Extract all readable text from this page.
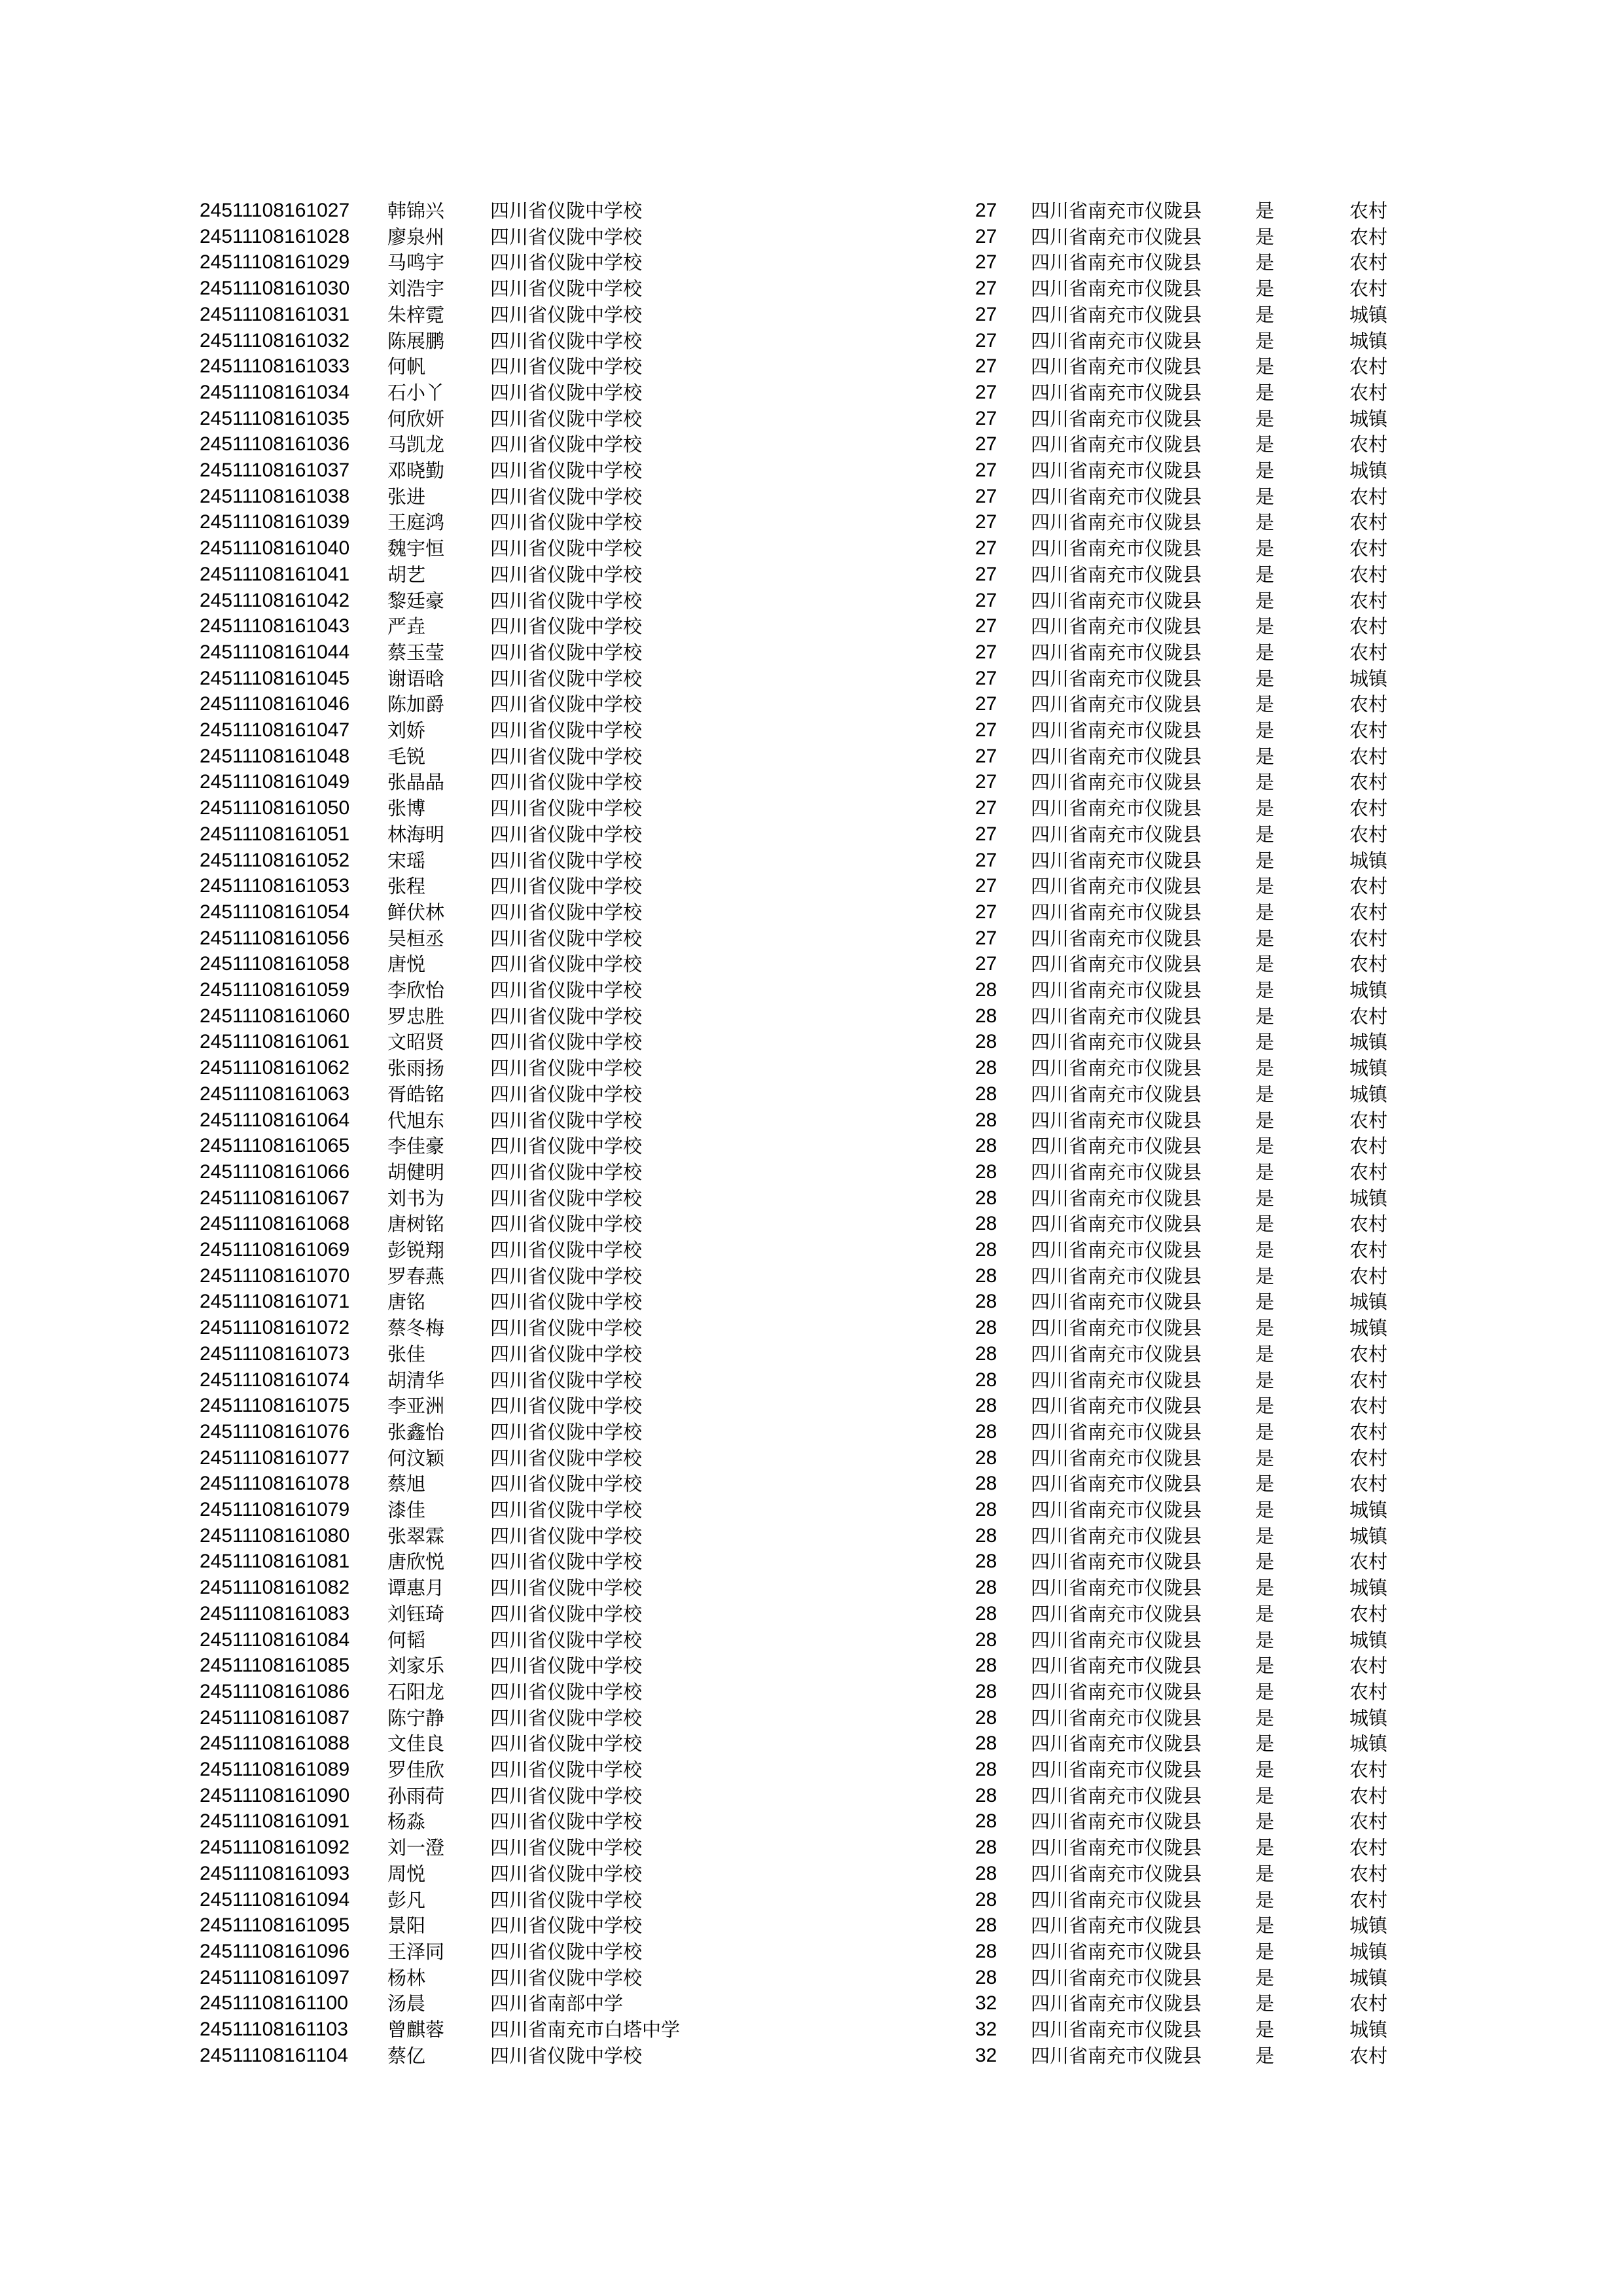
24511108161027 韩锦兴 四川省仪陇中学校	27 四川省南充市仪陇县	是	农村
24511108161028 廖泉州 四川省仪陇中学校	27 四川省南充市仪陇县	是	农村
24511108161029 马鸣宇 四川省仪陇中学校	27 四川省南充市仪陇县	是	农村
24511108161030 刘浩宇 四川省仪陇中学校	27 四川省南充市仪陇县	是	农村
24511108161031 朱梓霓 四川省仪陇中学校	27 四川省南充市仪陇县	是	城镇
24511108161032 陈展鹏 四川省仪陇中学校	27 四川省南充市仪陇县	是	城镇
24511108161033 何帆	四川省仪陇中学校	27 四川省南充市仪陇县	是	农村
24511108161034 石小丫 四川省仪陇中学校	27 四川省南充市仪陇县	是	农村
24511108161035 何欣妍 四川省仪陇中学校	27 四川省南充市仪陇县	是	城镇
24511108161036 马凯龙 四川省仪陇中学校	27 四川省南充市仪陇县	是	农村
24511108161037 邓晓勤 四川省仪陇中学校	27 四川省南充市仪陇县	是	城镇
24511108161038 张进	四川省仪陇中学校	27 四川省南充市仪陇县	是	农村
24511108161039 王庭鸿 四川省仪陇中学校	27 四川省南充市仪陇县	是	农村
24511108161040 魏宇恒 四川省仪陇中学校	27 四川省南充市仪陇县	是	农村
24511108161041 胡艺	四川省仪陇中学校	27 四川省南充市仪陇县	是	农村
24511108161042 黎廷豪 四川省仪陇中学校	27 四川省南充市仪陇县	是	农村
24511108161043 严垚	四川省仪陇中学校	27 四川省南充市仪陇县	是	农村
24511108161044 蔡玉莹 四川省仪陇中学校	27 四川省南充市仪陇县	是	农村
24511108161045 谢语晗 四川省仪陇中学校	27 四川省南充市仪陇县	是	城镇
24511108161046 陈加爵 四川省仪陇中学校	27 四川省南充市仪陇县	是	农村
24511108161047 刘娇	四川省仪陇中学校	27 四川省南充市仪陇县	是	农村
24511108161048 毛锐	四川省仪陇中学校	27 四川省南充市仪陇县	是	农村
24511108161049 张晶晶 四川省仪陇中学校	27 四川省南充市仪陇县	是	农村
24511108161050 张博	四川省仪陇中学校	27 四川省南充市仪陇县	是	农村
24511108161051 林海明 四川省仪陇中学校	27 四川省南充市仪陇县	是	农村
24511108161052 宋瑶	四川省仪陇中学校	27 四川省南充市仪陇县	是	城镇
24511108161053 张程	四川省仪陇中学校	27 四川省南充市仪陇县	是	农村
24511108161054 鲜伏林 四川省仪陇中学校	27 四川省南充市仪陇县	是	农村
24511108161056 吴桓丞 四川省仪陇中学校	27 四川省南充市仪陇县	是	农村
24511108161058 唐悦	四川省仪陇中学校	27 四川省南充市仪陇县	是	农村
24511108161059 李欣怡 四川省仪陇中学校	28 四川省南充市仪陇县	是	城镇
24511108161060 罗忠胜 四川省仪陇中学校	28 四川省南充市仪陇县	是	农村
24511108161061 文昭贤 四川省仪陇中学校	28 四川省南充市仪陇县	是	城镇
24511108161062 张雨扬 四川省仪陇中学校	28 四川省南充市仪陇县	是	城镇
24511108161063 胥皓铭 四川省仪陇中学校	28 四川省南充市仪陇县	是	城镇
24511108161064 代旭东 四川省仪陇中学校	28 四川省南充市仪陇县	是	农村
24511108161065 李佳豪 四川省仪陇中学校	28 四川省南充市仪陇县	是	农村
24511108161066 胡健明 四川省仪陇中学校	28 四川省南充市仪陇县	是	农村
24511108161067 刘书为 四川省仪陇中学校	28 四川省南充市仪陇县	是	城镇
24511108161068 唐树铭 四川省仪陇中学校	28 四川省南充市仪陇县	是	农村
24511108161069 彭锐翔 四川省仪陇中学校	28 四川省南充市仪陇县	是	农村
24511108161070 罗春燕 四川省仪陇中学校	28 四川省南充市仪陇县	是	农村
24511108161071 唐铭	四川省仪陇中学校	28 四川省南充市仪陇县	是	城镇
24511108161072 蔡冬梅 四川省仪陇中学校	28 四川省南充市仪陇县	是	城镇
24511108161073 张佳	四川省仪陇中学校	28 四川省南充市仪陇县	是	农村
24511108161074 胡清华 四川省仪陇中学校	28 四川省南充市仪陇县	是	农村
24511108161075 李亚洲 四川省仪陇中学校	28 四川省南充市仪陇县	是	农村
24511108161076 张鑫怡 四川省仪陇中学校	28 四川省南充市仪陇县	是	农村
24511108161077 何汶颖 四川省仪陇中学校	28 四川省南充市仪陇县	是	农村
24511108161078 蔡旭	四川省仪陇中学校	28 四川省南充市仪陇县	是	农村
24511108161079 漆佳	四川省仪陇中学校	28 四川省南充市仪陇县	是	城镇
24511108161080 张翠霖 四川省仪陇中学校	28 四川省南充市仪陇县	是	城镇
24511108161081 唐欣悦 四川省仪陇中学校	28 四川省南充市仪陇县	是	农村
24511108161082 谭惠月 四川省仪陇中学校	28 四川省南充市仪陇县	是	城镇
24511108161083 刘钰琦 四川省仪陇中学校	28 四川省南充市仪陇县	是	农村
24511108161084 何韬	四川省仪陇中学校	28 四川省南充市仪陇县	是	城镇
24511108161085 刘家乐 四川省仪陇中学校	28 四川省南充市仪陇县	是	农村
24511108161086 石阳龙 四川省仪陇中学校	28 四川省南充市仪陇县	是	农村
24511108161087 陈宁静 四川省仪陇中学校	28 四川省南充市仪陇县	是	城镇
24511108161088 文佳良 四川省仪陇中学校	28 四川省南充市仪陇县	是	城镇
24511108161089 罗佳欣 四川省仪陇中学校	28 四川省南充市仪陇县	是	农村
24511108161090 孙雨荷 四川省仪陇中学校	28 四川省南充市仪陇县	是	农村
24511108161091 杨淼	四川省仪陇中学校	28 四川省南充市仪陇县	是	农村
24511108161092 刘一澄 四川省仪陇中学校	28 四川省南充市仪陇县	是	农村
24511108161093 周悦	四川省仪陇中学校	28 四川省南充市仪陇县	是	农村
24511108161094 彭凡	四川省仪陇中学校	28 四川省南充市仪陇县	是	农村
24511108161095 景阳	四川省仪陇中学校	28 四川省南充市仪陇县	是	城镇
24511108161096 王泽同 四川省仪陇中学校	28 四川省南充市仪陇县	是	城镇
24511108161097 杨林	四川省仪陇中学校	28 四川省南充市仪陇县	是	城镇
24511108161100 汤晨	四川省南部中学	32 四川省南充市仪陇县	是	农村
24511108161103 曾麒蓉 四川省南充市白塔中学	32 四川省南充市仪陇县	是	城镇
24511108161104 蔡亿	四川省仪陇中学校	32 四川省南充市仪陇县	是	农村
